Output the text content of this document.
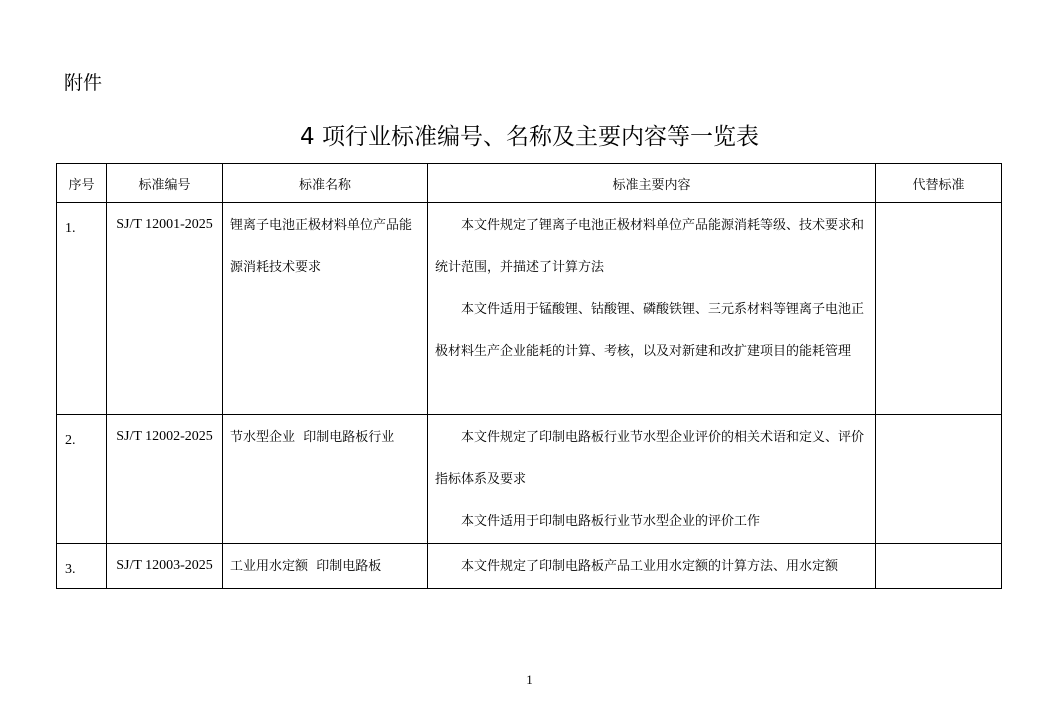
附件
4 项行业标准编号、名称及主要内容等一览表
序号	标准编号	标准名称	标准主要内容	代替标准

1.	SJ/T 12001-2025	锂离子电池正极材料单位产品能源消耗技术要求	本文件规定了锂离子电池正极材料单位产品能源消耗等级、技术要求和统计范围，并描述了计算方法

本文件适用于锰酸锂、钴酸锂、磷酸铁锂、三元系材料等锂离子电池正极材料生产企业能耗的计算、考核，以及对新建和改扩建项目的能耗管理	

2.	SJ/T 12002-2025	节水型企业  印制电路板行业	本文件规定了印制电路板行业节水型企业评价的相关术语和定义、评价指标体系及要求

本文件适用于印制电路板行业节水型企业的评价工作	

3.	SJ/T 12003-2025	工业用水定额  印制电路板	本文件规定了印制电路板产品工业用水定额的计算方法、用水定额	

1
